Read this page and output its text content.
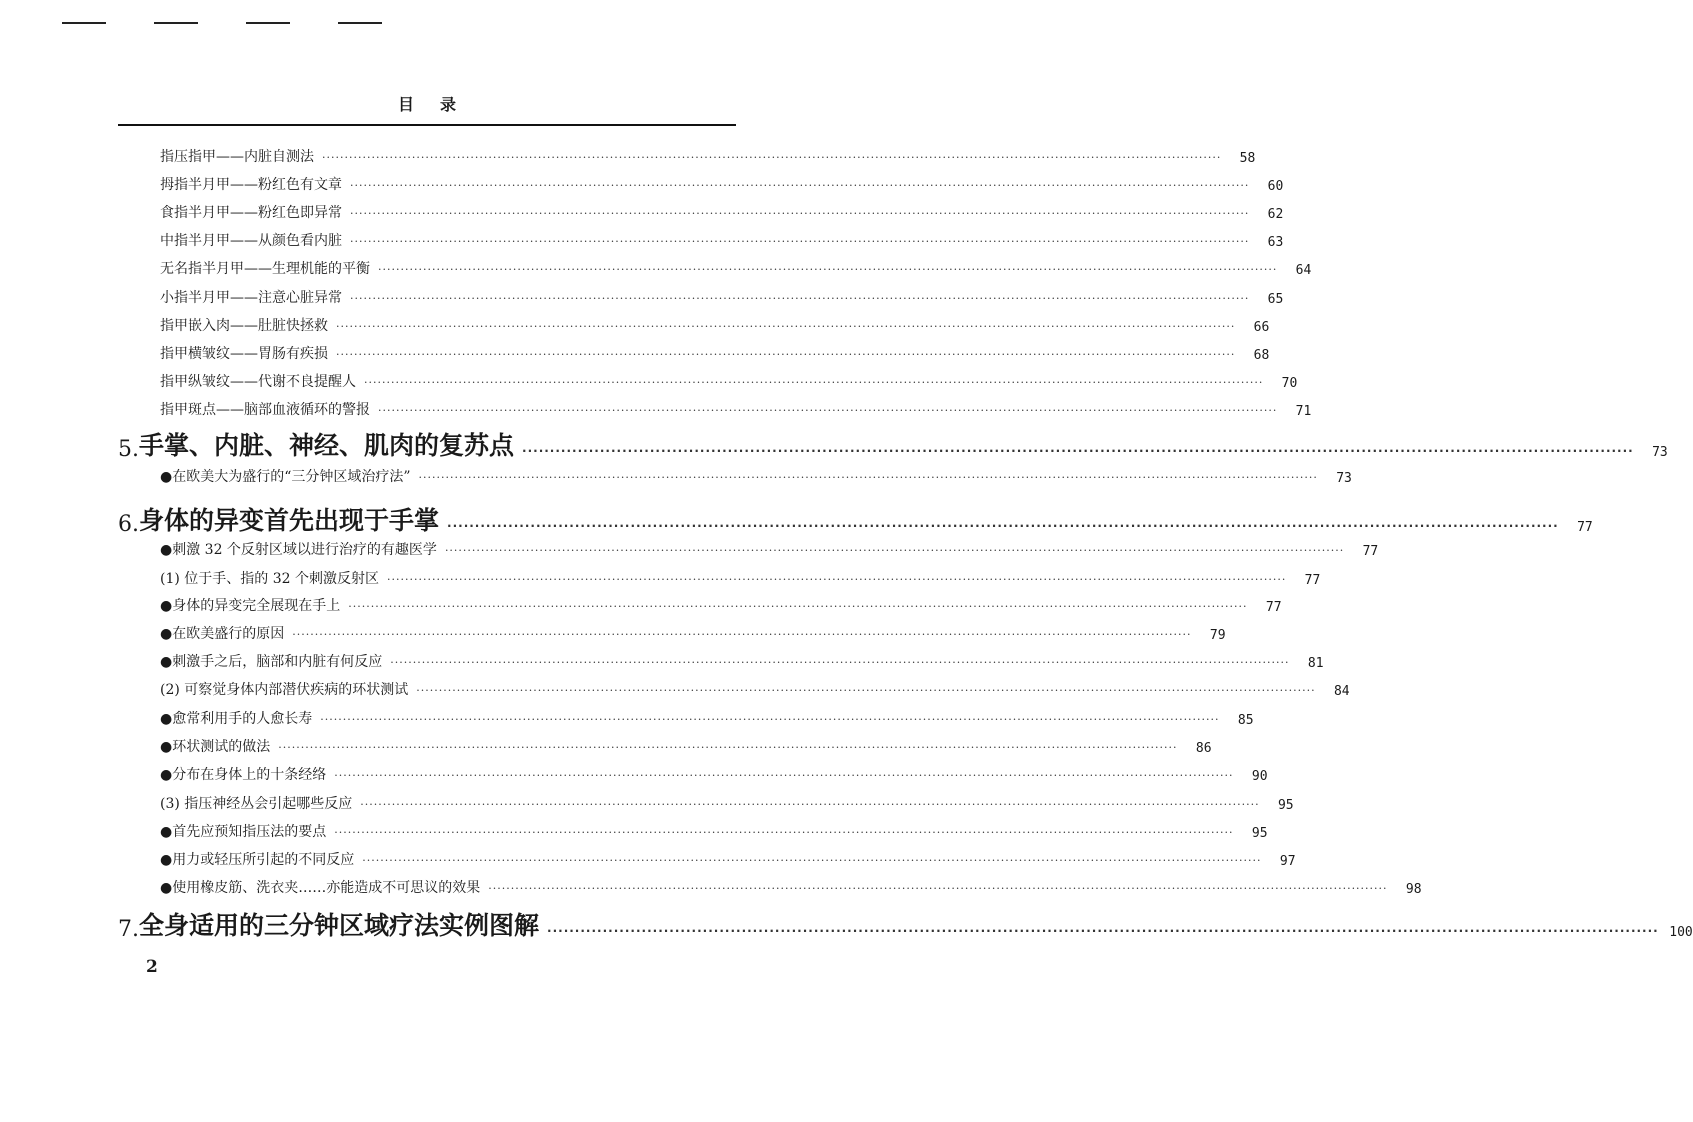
目录
指压指甲——内脏自测法 ········································································································································································································	58
拇指半月甲——粉红色有文章 ········································································································································································································	60
食指半月甲——粉红色即异常 ········································································································································································································	62
中指半月甲——从颜色看内脏 ········································································································································································································	63
无名指半月甲——生理机能的平衡 ········································································································································································································	64
小指半月甲——注意心脏异常 ········································································································································································································	65
指甲嵌入肉——肚脏快拯救 ········································································································································································································	66
指甲横皱纹——胃肠有疾损 ········································································································································································································	68
指甲纵皱纹——代谢不良提醒人 ········································································································································································································	70
指甲斑点——脑部血液循环的警报 ········································································································································································································	71
5. 手掌、内脏、神经、肌肉的复苏点 ········································································································································································································	73
●在欧美大为盛行的“三分钟区域治疗法” ········································································································································································································	73
6. 身体的异变首先出现于手掌 ········································································································································································································	77
●刺激 32 个反射区域以进行治疗的有趣医学 ········································································································································································································	77
(1) 位于手、指的 32 个刺激反射区 ········································································································································································································	77
●身体的异变完全展现在手上 ········································································································································································································	77
●在欧美盛行的原因 ········································································································································································································	79
●刺激手之后，脑部和内脏有何反应 ········································································································································································································	81
(2) 可察觉身体内部潜伏疾病的环状测试 ········································································································································································································	84
●愈常利用手的人愈长寿 ········································································································································································································	85
●环状测试的做法 ········································································································································································································	86
●分布在身体上的十条经络 ········································································································································································································	90
(3) 指压神经丛会引起哪些反应 ········································································································································································································	95
●首先应预知指压法的要点 ········································································································································································································	95
●用力或轻压所引起的不同反应 ········································································································································································································	97
●使用橡皮筋、洗衣夹……亦能造成不可思议的效果 ········································································································································································································	98
7. 全身适用的三分钟区域疗法实例图解 ········································································································································································································ 100
2
